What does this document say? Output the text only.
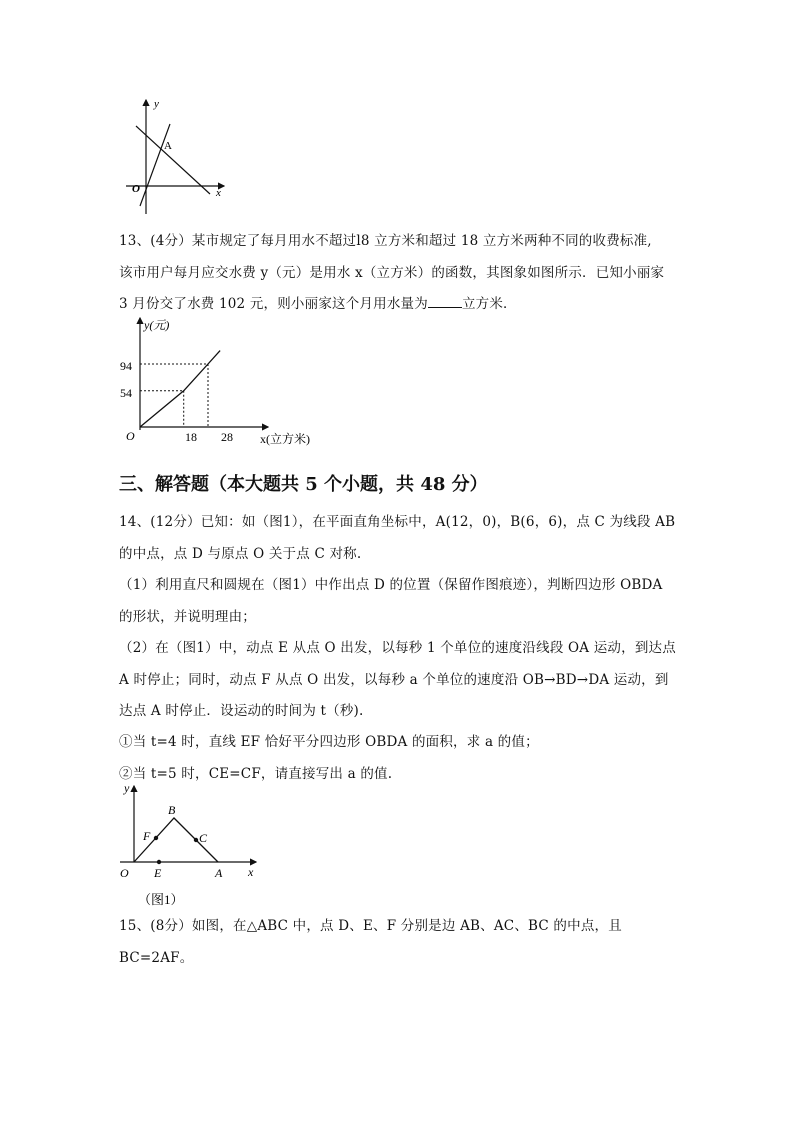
y
x
O
A
13、(4分）某市规定了每月用水不超过l8 立方米和超过 18 立方米两种不同的收费标准,
该市用户每月应交水费 y（元）是用水 x（立方米）的函数，其图象如图所示．已知小丽家
3 月份交了水费 102 元，则小丽家这个月用水量为	立方米．
y(元)
x(立方米)
O
94
54
18 28
三、解答题（本大题共 5 个小题，共 48 分）
14、(12分）已知：如（图1），在平面直角坐标中，A(12，0)，B(6，6)，点 C 为线段 AB
的中点，点 D 与原点 O 关于点 C 对称.
（1）利用直尺和圆规在（图1）中作出点 D 的位置（保留作图痕迹），判断四边形 OBDA
的形状，并说明理由；
（2）在（图1）中，动点 E 从点 O 出发，以每秒 1 个单位的速度沿线段 OA 运动，到达点
A 时停止；同时，动点 F 从点 O 出发，以每秒 a 个单位的速度沿 OB→BD→DA 运动，到
达点 A 时停止．设运动的时间为 t（秒).
①当 t=4 时，直线 EF 恰好平分四边形 OBDA 的面积，求 a 的值；
②当 t=5 时，CE=CF，请直接写出 a 的值.
y
x
O
B
F	C
E	A
（图1）
15、(8分）如图，在△ABC 中，点 D、E、F 分别是边 AB、AC、BC 的中点，且
BC=2AF。
